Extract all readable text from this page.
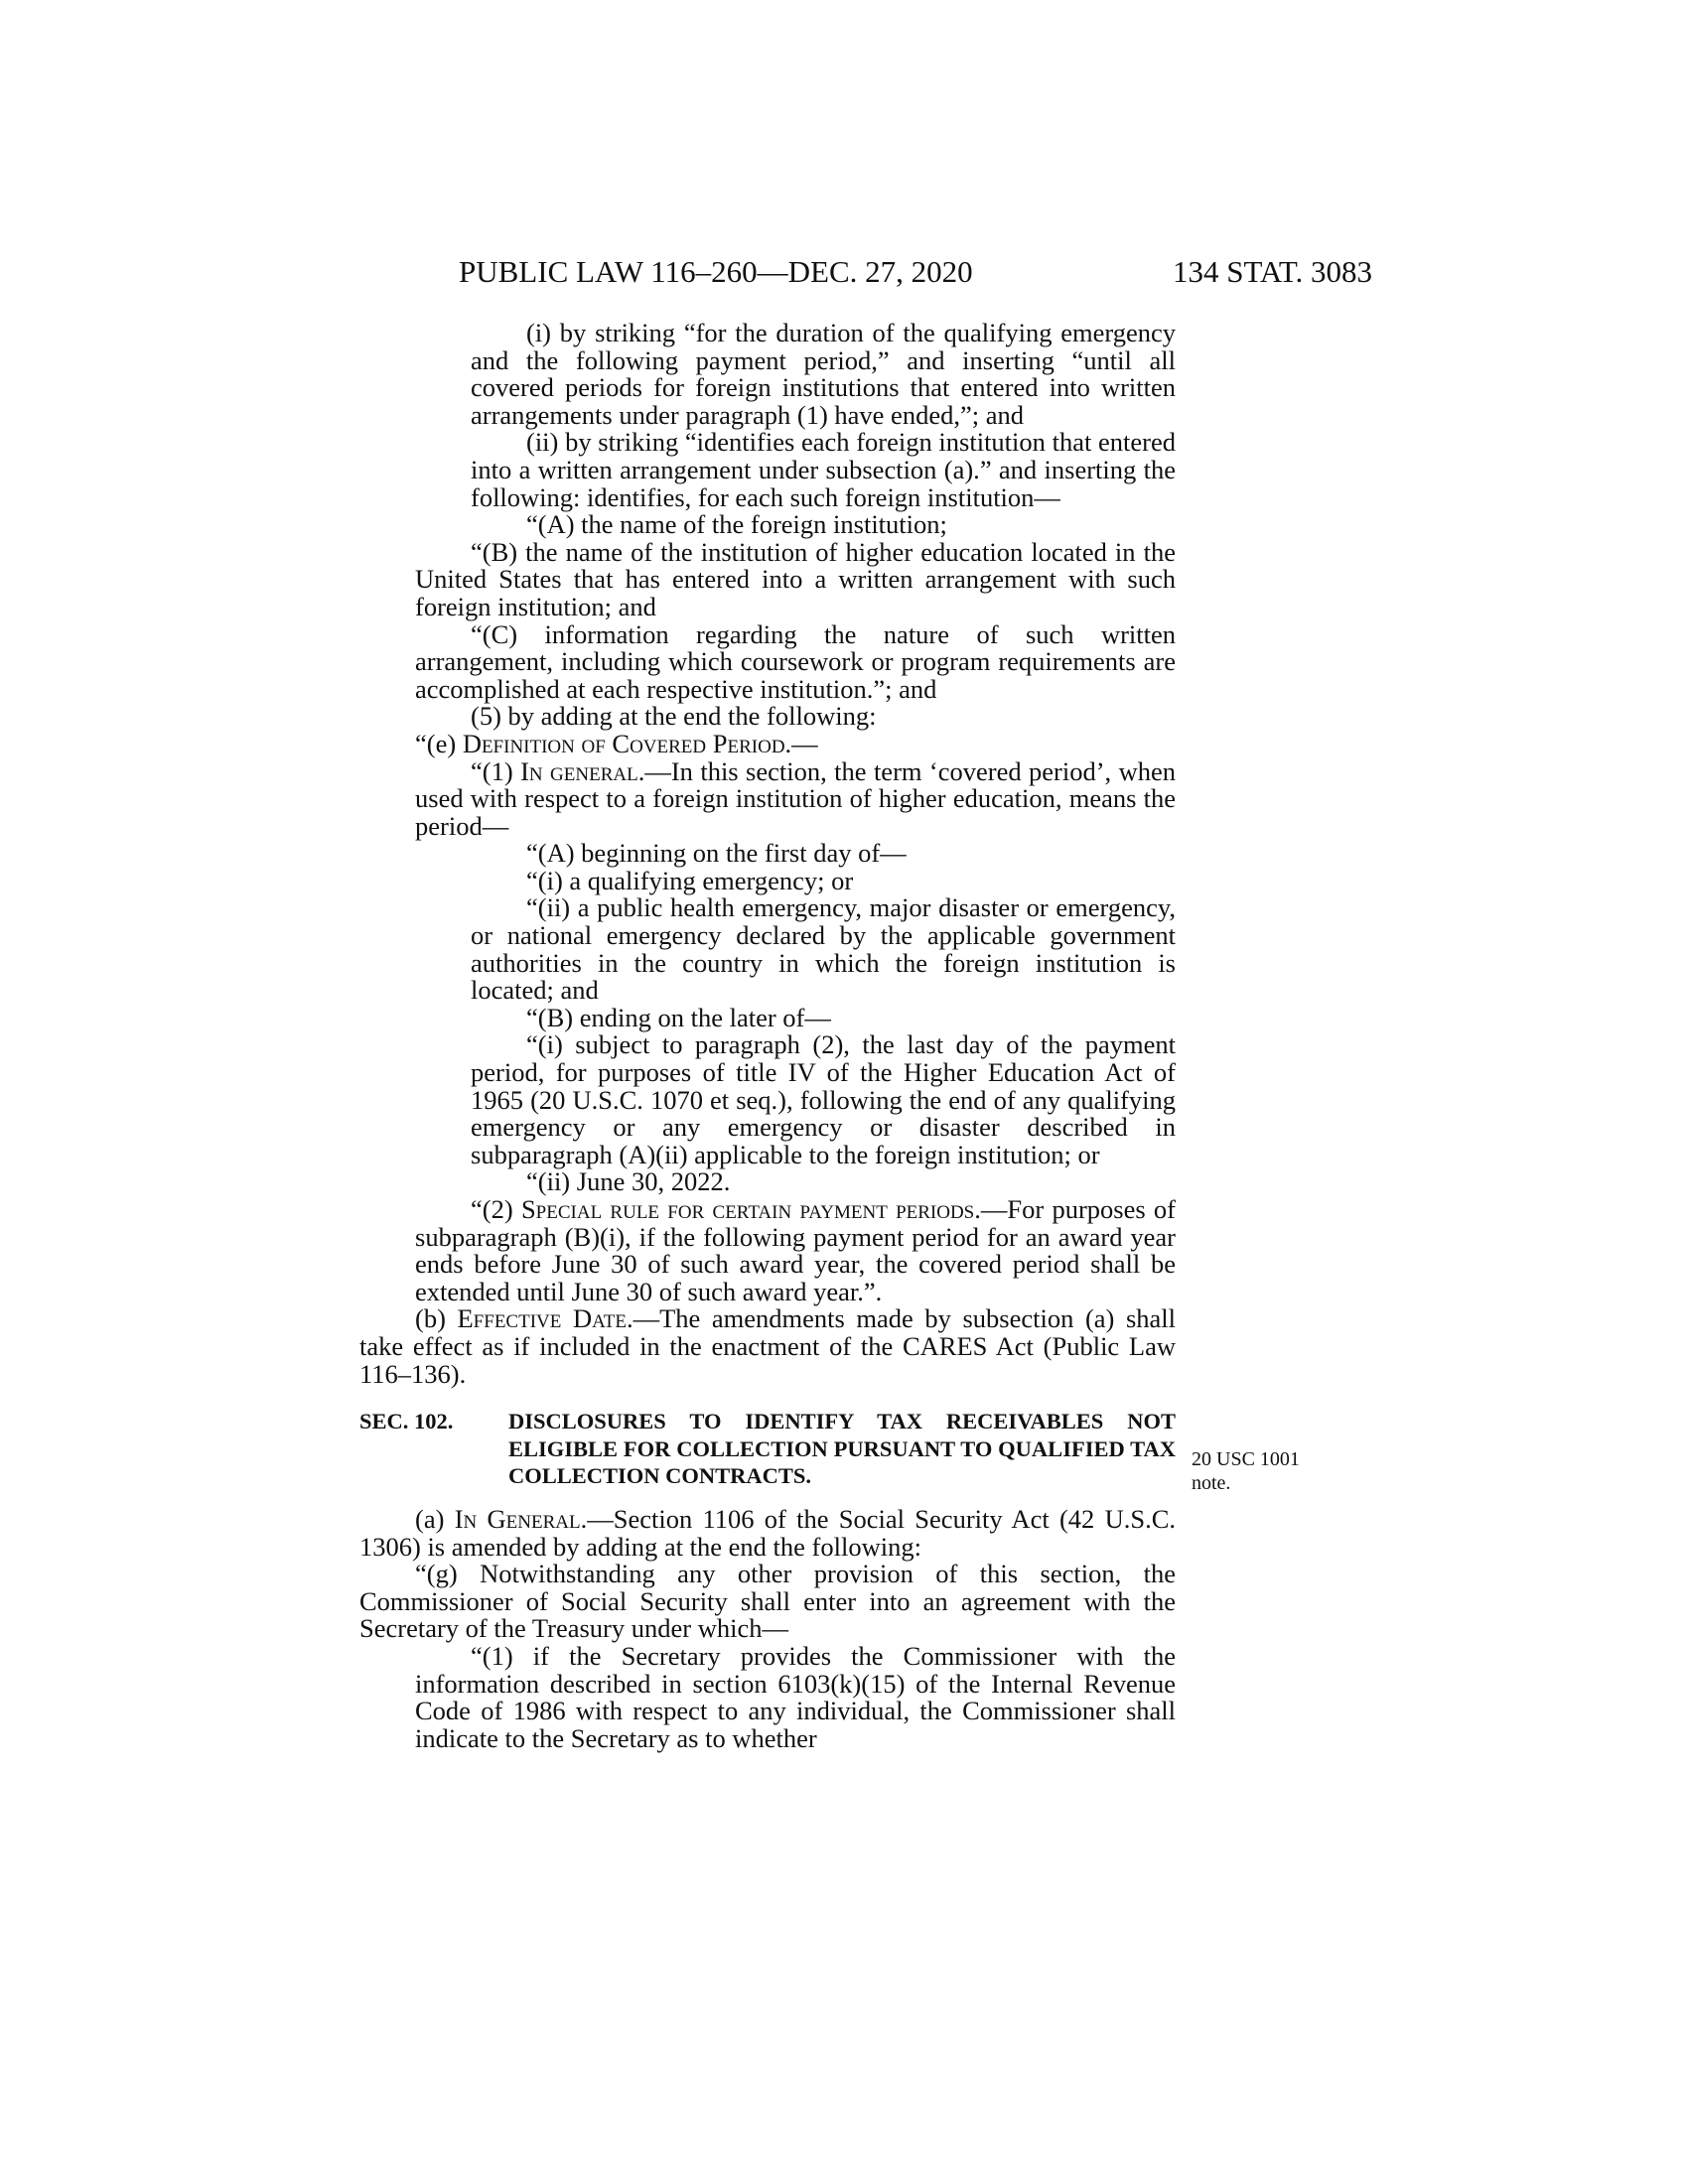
PUBLIC LAW 116–260—DEC. 27, 2020	134 STAT. 3083

(i) by striking “for the duration of the qualifying emergency and the following payment period,” and inserting “until all covered periods for foreign institutions that entered into written arrangements under paragraph (1) have ended,”; and

(ii) by striking “identifies each foreign institution that entered into a written arrangement under subsection (a).” and inserting the following: identifies, for each such foreign institution—

“(A) the name of the foreign institution;

“(B) the name of the institution of higher education located in the United States that has entered into a written arrangement with such foreign institution; and

“(C) information regarding the nature of such written arrangement, including which coursework or program requirements are accomplished at each respective institution.”; and

(5) by adding at the end the following:

“(e) Definition of Covered Period.—

“(1) In general.—In this section, the term ‘covered period’, when used with respect to a foreign institution of higher education, means the period—

“(A) beginning on the first day of—

“(i) a qualifying emergency; or

“(ii) a public health emergency, major disaster or emergency, or national emergency declared by the applicable government authorities in the country in which the foreign institution is located; and

“(B) ending on the later of—

“(i) subject to paragraph (2), the last day of the payment period, for purposes of title IV of the Higher Education Act of 1965 (20 U.S.C. 1070 et seq.), following the end of any qualifying emergency or any emergency or disaster described in subparagraph (A)(ii) applicable to the foreign institution; or

“(ii) June 30, 2022.

“(2) Special rule for certain payment periods.—For purposes of subparagraph (B)(i), if the following payment period for an award year ends before June 30 of such award year, the covered period shall be extended until June 30 of such award year.”.

(b) Effective Date.—The amendments made by subsection (a) shall take effect as if included in the enactment of the CARES Act (Public Law 116–136).

SEC. 102.	DISCLOSURES TO IDENTIFY TAX RECEIVABLES NOT ELIGIBLE FOR COLLECTION PURSUANT TO QUALIFIED TAX COLLECTION CONTRACTS.

(a) In General.—Section 1106 of the Social Security Act (42 U.S.C. 1306) is amended by adding at the end the following:

“(g) Notwithstanding any other provision of this section, the Commissioner of Social Security shall enter into an agreement with the Secretary of the Treasury under which—

“(1) if the Secretary provides the Commissioner with the information described in section 6103(k)(15) of the Internal Revenue Code of 1986 with respect to any individual, the Commissioner shall indicate to the Secretary as to whether

20 USC 1001
note.
